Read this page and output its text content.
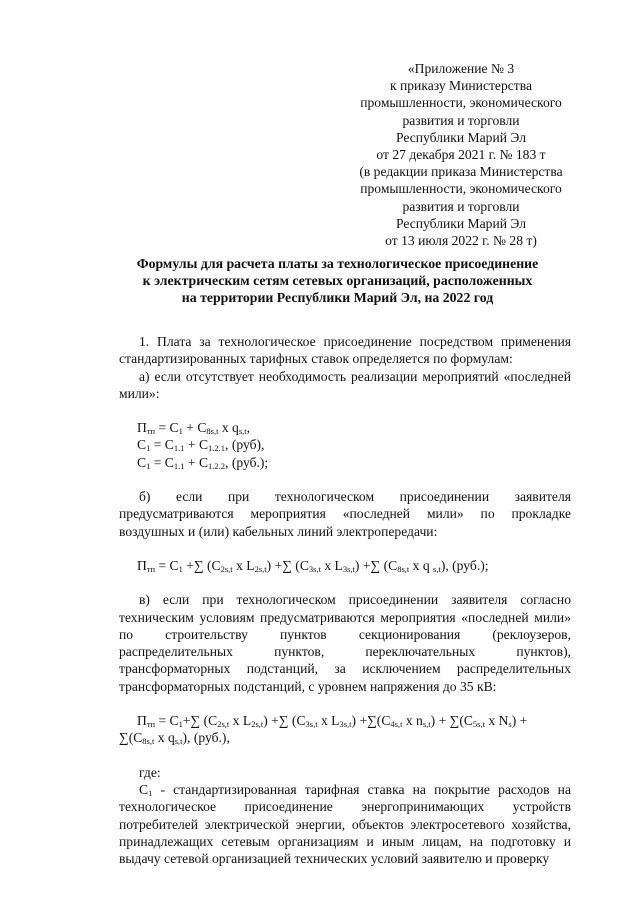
«Приложение № 3
к приказу Министерства
промышленности, экономического
развития и торговли
Республики Марий Эл
от 27 декабря 2021 г. № 183 т
(в редакции приказа Министерства
промышленности, экономического
развития и торговли
Республики Марий Эл
от 13 июля 2022 г. № 28 т)
Формулы для расчета платы за технологическое присоединение
к электрическим сетям сетевых организаций, расположенных
на территории Республики Марий Эл, на 2022 год
1. Плата за технологическое присоединение посредством применения стандартизированных тарифных ставок определяется по формулам:
а) если отсутствует необходимость реализации мероприятий «последней мили»:
$П_{тп} = С_1 + С_{8s,t}$ х $q_{s,t}$,
$С_1 = С_{1.1} + С_{1.2.1}$, (руб),
$С_1 = С_{1.1} + С_{1.2.2}$, (руб.);
б) если при технологическом присоединении заявителя предусматриваются мероприятия «последней мили» по прокладке воздушных и (или) кабельных линий электропередачи:
$П_{тп} = С_1$ +∑ ($С_{2s,t}$ х $L_{2s,t}$) +∑ ($С_{3s,t}$ х $L_{3s,t}$) +∑ ($С_{8s,t}$ х q $_{s,t}$), (руб.);
в) если при технологическом присоединении заявителя согласно техническим условиям предусматриваются мероприятия «последней мили» по строительству пунктов секционирования (реклоузеров, распределительных пунктов, переключательных пунктов), трансформаторных подстанций, за исключением распределительных трансформаторных подстанций, с уровнем напряжения до 35 кВ:
$П_{тп} = С_1+\sum$ ($С_{2s,t}$ х $L_{2s,t}$) +∑ ($С_{3s,t}$ х $L_{3s,t}) +\sum(С_{4s,t}$ х $n_{s,t}) + \sum(С_{5s,t}$ х $N_s$) +
$\sum(С_{8s,t}$ х $q_{s,t}$), (руб.),
где:
$С_1$ - стандартизированная тарифная ставка на покрытие расходов на технологическое присоединение энергопринимающих устройств потребителей электрической энергии, объектов электросетевого хозяйства, принадлежащих сетевым организациям и иным лицам, на подготовку и выдачу сетевой организацией технических условий заявителю и проверку
